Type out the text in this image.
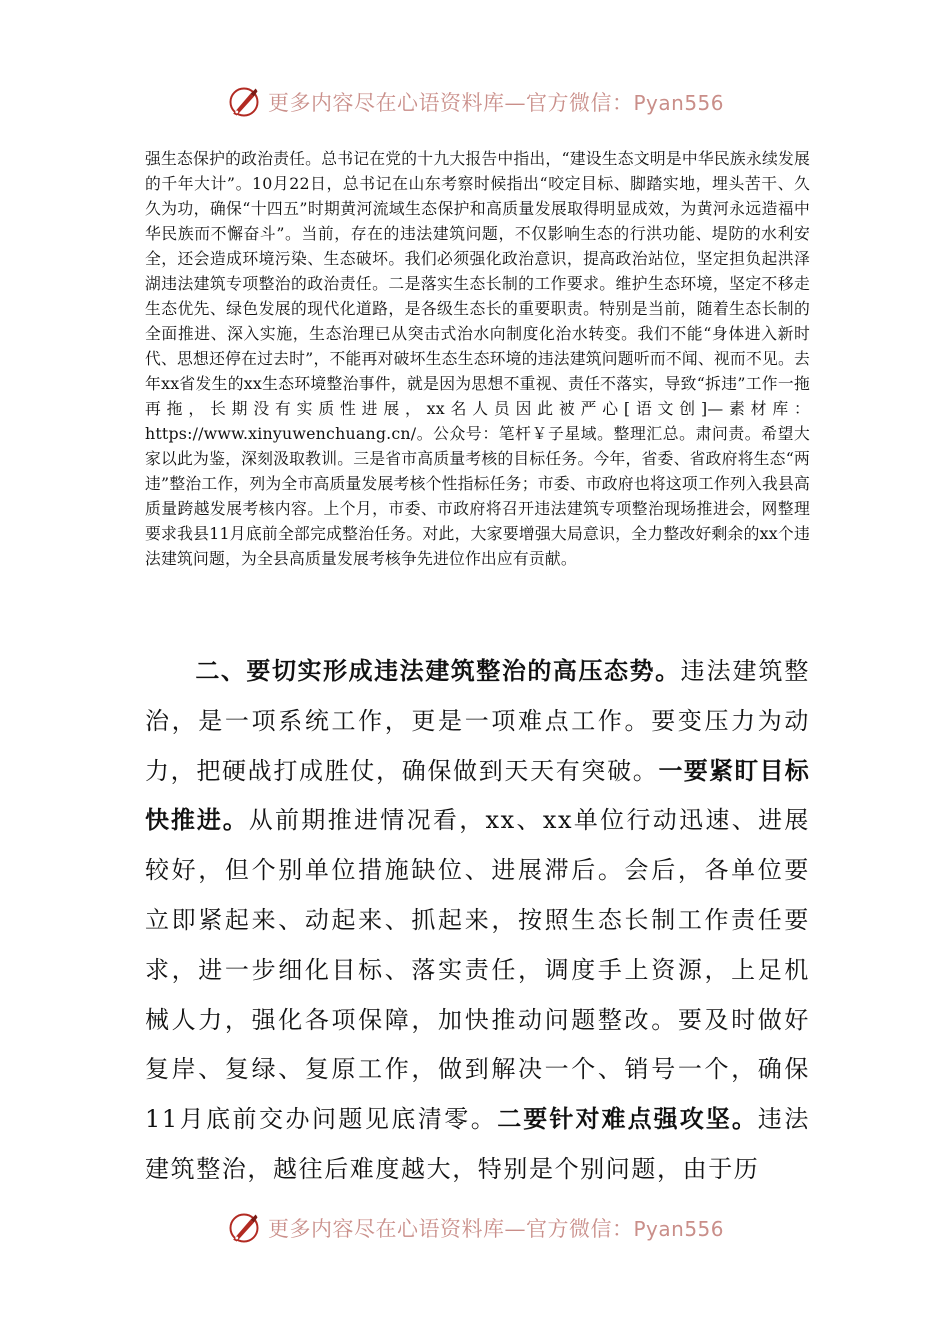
更多内容尽在心语资料库—官方微信：Pyan556

强生态保护的政治责任。总书记在党的十九大报告中指出，“建设生态文明是中华民族永续发展的千年大计”。10月22日，总书记在山东考察时候指出“咬定目标、脚踏实地，埋头苦干、久久为功，确保“十四五”时期黄河流域生态保护和高质量发展取得明显成效，为黄河永远造福中华民族而不懈奋斗”。当前，存在的违法建筑问题，不仅影响生态的行洪功能、堤防的水利安全，还会造成环境污染、生态破坏。我们必须强化政治意识，提高政治站位，坚定担负起洪泽湖违法建筑专项整治的政治责任。二是落实生态长制的工作要求。维护生态环境，坚定不移走生态优先、绿色发展的现代化道路，是各级生态长的重要职责。特别是当前，随着生态长制的全面推进、深入实施，生态治理已从突击式治水向制度化治水转变。我们不能“身体进入新时代、思想还停在过去时”，不能再对破坏生态生态环境的违法建筑问题听而不闻、视而不见。去年xx省发生的xx生态环境整治事件，就是因为思想不重视、责任不落实，导致“拆违”工作一拖再拖，长期没有实质性进展，xx名人员因此被严心[语文创]—素材库：https://www.xinyuwenchuang.cn/。公众号：笔杆￥子星域。整理汇总。肃问责。希望大家以此为鉴，深刻汲取教训。三是省市高质量考核的目标任务。今年，省委、省政府将生态“两违”整治工作，列为全市高质量发展考核个性指标任务；市委、市政府也将这项工作列入我县高质量跨越发展考核内容。上个月，市委、市政府将召开违法建筑专项整治现场推进会，网整理要求我县11月底前全部完成整治任务。对此，大家要增强大局意识，全力整改好剩余的xx个违法建筑问题，为全县高质量发展考核争先进位作出应有贡献。

二、要切实形成违法建筑整治的高压态势。违法建筑整治，是一项系统工作，更是一项难点工作。要变压力为动力，把硬战打成胜仗，确保做到天天有突破。一要紧盯目标快推进。从前期推进情况看，xx、xx单位行动迅速、进展较好，但个别单位措施缺位、进展滞后。会后，各单位要立即紧起来、动起来、抓起来，按照生态长制工作责任要求，进一步细化目标、落实责任，调度手上资源，上足机械人力，强化各项保障，加快推动问题整改。要及时做好复岸、复绿、复原工作，做到解决一个、销号一个，确保11月底前交办问题见底清零。二要针对难点强攻坚。违法建筑整治，越往后难度越大，特别是个别问题，由于历

更多内容尽在心语资料库—官方微信：Pyan556
